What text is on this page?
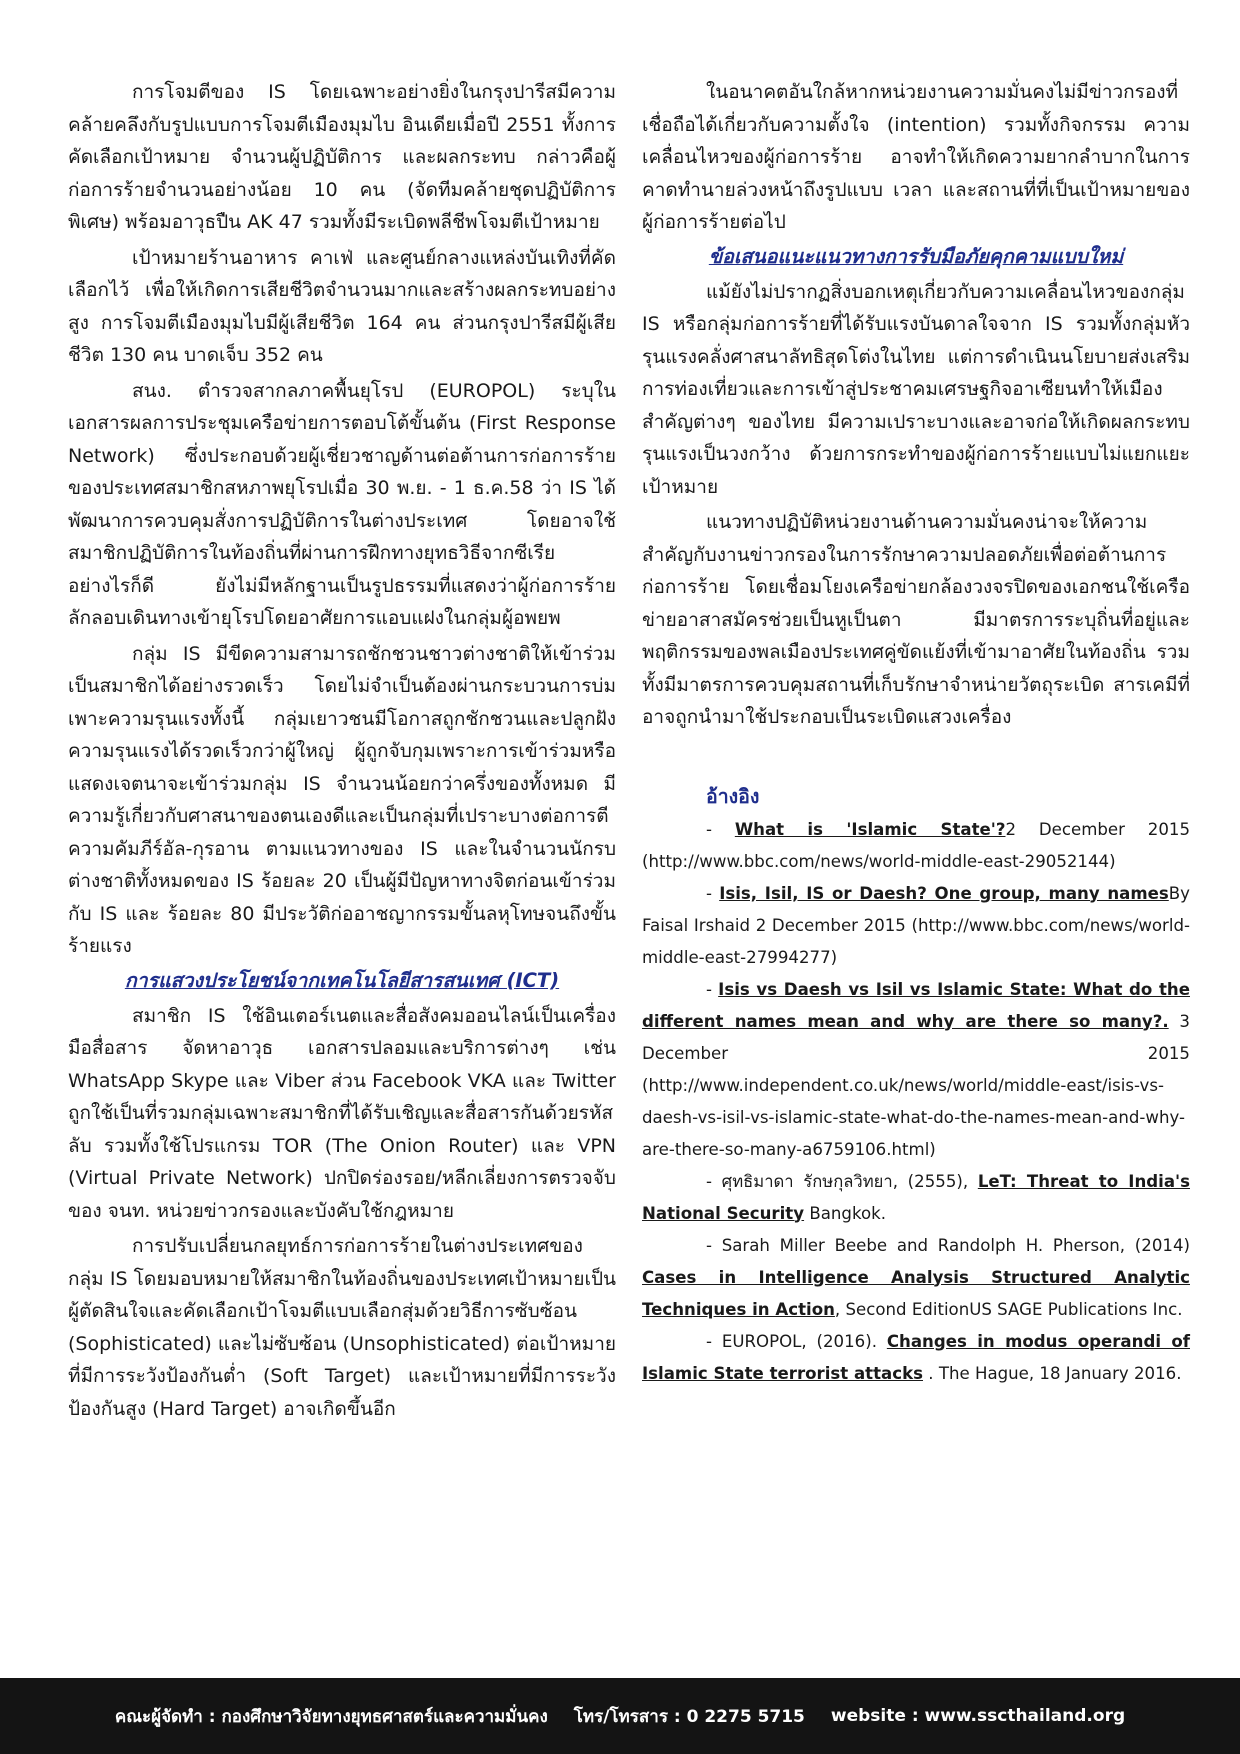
การโจมตีของ IS โดยเฉพาะอย่างยิ่งในกรุงปารีสมีความคล้ายคลึงกับรูปแบบการโจมตีเมืองมุมไบ อินเดียเมื่อปี 2551 ทั้งการคัดเลือกเป้าหมาย จำนวนผู้ปฏิบัติการ และผลกระทบ กล่าวคือผู้ก่อการร้ายจำนวนอย่างน้อย 10 คน (จัดทีมคล้ายชุดปฏิบัติการพิเศษ) พร้อมอาวุธปืน AK 47 รวมทั้งมีระเบิดพลีชีพโจมตีเป้าหมาย

เป้าหมายร้านอาหาร คาเฟ่ และศูนย์กลางแหล่งบันเทิงที่คัดเลือกไว้ เพื่อให้เกิดการเสียชีวิตจำนวนมากและสร้างผลกระทบอย่างสูง การโจมตีเมืองมุมไบมีผู้เสียชีวิต 164 คน ส่วนกรุงปารีสมีผู้เสียชีวิต 130 คน บาดเจ็บ 352 คน

สนง. ตำรวจสากลภาคพื้นยุโรป (EUROPOL) ระบุในเอกสารผลการประชุมเครือข่ายการตอบโต้ขั้นต้น (First Response Network) ซึ่งประกอบด้วยผู้เชี่ยวชาญด้านต่อต้านการก่อการร้ายของประเทศสมาชิกสหภาพยุโรปเมื่อ 30 พ.ย. - 1 ธ.ค.58 ว่า IS ได้พัฒนาการควบคุมสั่งการปฏิบัติการในต่างประเทศ โดยอาจใช้สมาชิกปฏิบัติการในท้องถิ่นที่ผ่านการฝึกทางยุทธวิธีจากซีเรีย อย่างไรก็ดี ยังไม่มีหลักฐานเป็นรูปธรรมที่แสดงว่าผู้ก่อการร้ายลักลอบเดินทางเข้ายุโรปโดยอาศัยการแอบแฝงในกลุ่มผู้อพยพ

กลุ่ม IS มีขีดความสามารถชักชวนชาวต่างชาติให้เข้าร่วมเป็นสมาชิกได้อย่างรวดเร็ว โดยไม่จำเป็นต้องผ่านกระบวนการบ่มเพาะความรุนแรงทั้งนี้ กลุ่มเยาวชนมีโอกาสถูกชักชวนและปลูกฝังความรุนแรงได้รวดเร็วกว่าผู้ใหญ่ ผู้ถูกจับกุมเพราะการเข้าร่วมหรือแสดงเจตนาจะเข้าร่วมกลุ่ม IS จำนวนน้อยกว่าครึ่งของทั้งหมด มีความรู้เกี่ยวกับศาสนาของตนเองดีและเป็นกลุ่มที่เปราะบางต่อการตีความคัมภีร์อัล-กุรอาน ตามแนวทางของ IS และในจำนวนนักรบต่างชาติทั้งหมดของ IS ร้อยละ 20 เป็นผู้มีปัญหาทางจิตก่อนเข้าร่วมกับ IS และ ร้อยละ 80 มีประวัติก่ออาชญากรรมขั้นลหุโทษจนถึงขั้นร้ายแรง

การแสวงประโยชน์จากเทคโนโลยีสารสนเทศ (ICT)

สมาชิก IS ใช้อินเตอร์เนตและสื่อสังคมออนไลน์เป็นเครื่องมือสื่อสาร จัดหาอาวุธ เอกสารปลอมและบริการต่างๆ เช่น WhatsApp Skype และ Viber ส่วน Facebook VKA และ Twitter ถูกใช้เป็นที่รวมกลุ่มเฉพาะสมาชิกที่ได้รับเชิญและสื่อสารกันด้วยรหัสลับ รวมทั้งใช้โปรแกรม TOR (The Onion Router) และ VPN (Virtual Private Network) ปกปิดร่องรอย/หลีกเลี่ยงการตรวจจับของ จนท. หน่วยข่าวกรองและบังคับใช้กฎหมาย

การปรับเปลี่ยนกลยุทธ์การก่อการร้ายในต่างประเทศของกลุ่ม IS โดยมอบหมายให้สมาชิกในท้องถิ่นของประเทศเป้าหมายเป็นผู้ตัดสินใจและคัดเลือกเป้าโจมตีแบบเลือกสุ่มด้วยวิธีการซับซ้อน (Sophisticated) และไม่ซับซ้อน (Unsophisticated) ต่อเป้าหมายที่มีการระวังป้องกันต่ำ (Soft Target) และเป้าหมายที่มีการระวังป้องกันสูง (Hard Target) อาจเกิดขึ้นอีก

ในอนาคตอันใกล้หากหน่วยงานความมั่นคงไม่มีข่าวกรองที่เชื่อถือได้เกี่ยวกับความตั้งใจ (intention) รวมทั้งกิจกรรม ความเคลื่อนไหวของผู้ก่อการร้าย อาจทำให้เกิดความยากลำบากในการคาดทำนายล่วงหน้าถึงรูปแบบ เวลา และสถานที่ที่เป็นเป้าหมายของผู้ก่อการร้ายต่อไป

ข้อเสนอแนะแนวทางการรับมือภัยคุกคามแบบใหม่

แม้ยังไม่ปรากฏสิ่งบอกเหตุเกี่ยวกับความเคลื่อนไหวของกลุ่ม IS หรือกลุ่มก่อการร้ายที่ได้รับแรงบันดาลใจจาก IS รวมทั้งกลุ่มหัวรุนแรงคลั่งศาสนาลัทธิสุดโต่งในไทย แต่การดำเนินนโยบายส่งเสริมการท่องเที่ยวและการเข้าสู่ประชาคมเศรษฐกิจอาเซียนทำให้เมืองสำคัญต่างๆ ของไทย มีความเปราะบางและอาจก่อให้เกิดผลกระทบรุนแรงเป็นวงกว้าง ด้วยการกระทำของผู้ก่อการร้ายแบบไม่แยกแยะเป้าหมาย

แนวทางปฏิบัติหน่วยงานด้านความมั่นคงน่าจะให้ความสำคัญกับงานข่าวกรองในการรักษาความปลอดภัยเพื่อต่อต้านการก่อการร้าย โดยเชื่อมโยงเครือข่ายกล้องวงจรปิดของเอกชนใช้เครือข่ายอาสาสมัครช่วยเป็นหูเป็นตา มีมาตรการระบุถิ่นที่อยู่และพฤติกรรมของพลเมืองประเทศคู่ขัดแย้งที่เข้ามาอาศัยในท้องถิ่น รวมทั้งมีมาตรการควบคุมสถานที่เก็บรักษาจำหน่ายวัตถุระเบิด สารเคมีที่อาจถูกนำมาใช้ประกอบเป็นระเบิดแสวงเครื่อง

อ้างอิง

- What is 'Islamic State'?2 December 2015 (http://www.bbc.com/news/world-middle-east-29052144)

- Isis, Isil, IS or Daesh? One group, many namesBy Faisal Irshaid 2 December 2015 (http://www.bbc.com/news/world-middle-east-27994277)

- Isis vs Daesh vs Isil vs Islamic State: What do the different names mean and why are there so many?. 3 December 2015 (http://www.independent.co.uk/news/world/middle-east/isis-vs-daesh-vs-isil-vs-islamic-state-what-do-the-names-mean-and-why-are-there-so-many-a6759106.html)

- ศุทธิมาดา รักษกุลวิทยา, (2555), LeT: Threat to India's National Security Bangkok.

- Sarah Miller Beebe and Randolph H. Pherson, (2014) Cases in Intelligence Analysis Structured Analytic Techniques in Action, Second EditionUS SAGE Publications Inc.

- EUROPOL, (2016). Changes in modus operandi of Islamic State terrorist attacks . The Hague, 18 January 2016.

คณะผู้จัดทำ : กองศึกษาวิจัยทางยุทธศาสตร์และความมั่นคง โทร/โทรสาร : 0 2275 5715 website : www.sscthailand.org
